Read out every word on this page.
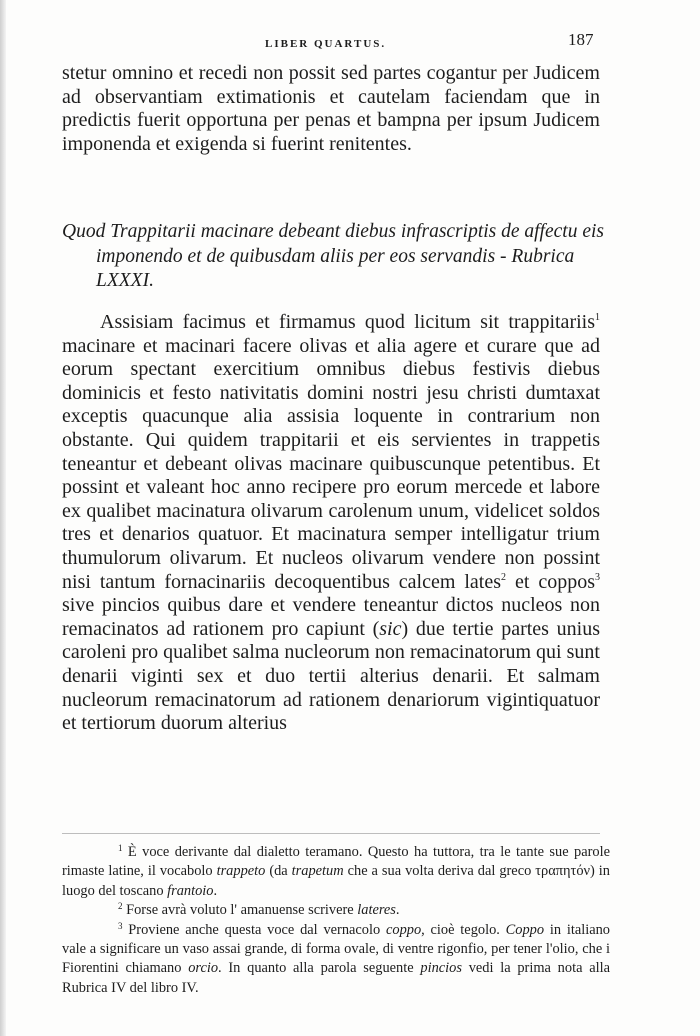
LIBER QUARTUS.	187

stetur omnino et recedi non possit sed partes cogantur per Judicem ad observantiam extimationis et cautelam faciendam que in predictis fuerit opportuna per penas et bampna per ipsum Judicem imponenda et exigenda si fuerint renitentes.

Quod Trappitarii macinare debeant diebus infrascriptis de affectu eis imponendo et de quibusdam aliis per eos servandis - Rubrica LXXXI.

Assisiam facimus et firmamus quod licitum sit trappitariis$^1$ macinare et macinari facere olivas et alia agere et curare que ad eorum spectant exercitium omnibus diebus festivis diebus dominicis et festo nativitatis domini nostri jesu christi dumtaxat exceptis quacunque alia assisia loquente in contrarium non obstante. Qui quidem trappitarii et eis servientes in trappetis teneantur et debeant olivas macinare quibuscunque petentibus. Et possint et valeant hoc anno recipere pro eorum mercede et labore ex qualibet macinatura olivarum carolenum unum, videlicet soldos tres et denarios quatuor. Et macinatura semper intelligatur trium thumulorum olivarum. Et nucleos olivarum vendere non possint nisi tantum fornacinariis decoquentibus calcem lates$^2$ et coppos$^3$ sive pincios quibus dare et vendere teneantur dictos nucleos non remacinatos ad rationem pro capiunt (sic) due tertie partes unius caroleni pro qualibet salma nucleorum non remacinatorum qui sunt denarii viginti sex et duo tertii alterius denarii. Et salmam nucleorum remacinatorum ad rationem denariorum vigintiquatuor et tertiorum duorum alterius

$^1$ È voce derivante dal dialetto teramano. Questo ha tuttora, tra le tante sue parole rimaste latine, il vocabolo trappeto (da trapetum che a sua volta deriva dal greco τραπητόν) in luogo del toscano frantoio.

$^2$ Forse avrà voluto l' amanuense scrivere lateres.

$^3$ Proviene anche questa voce dal vernacolo coppo, cioè tegolo. Coppo in italiano vale a significare un vaso assai grande, di forma ovale, di ventre rigonfio, per tener l'olio, che i Fiorentini chiamano orcio. In quanto alla parola seguente pincios vedi la prima nota alla Rubrica IV del libro IV.
